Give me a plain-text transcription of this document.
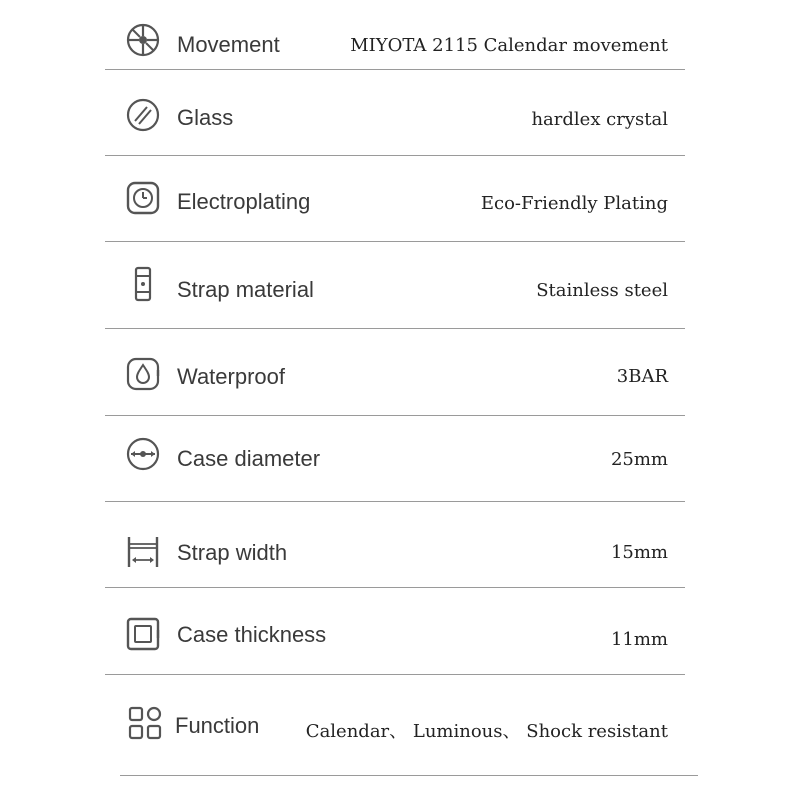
Movement	MIYOTA 2115 Calendar movement
Glass	hardlex crystal
Electroplating	Eco-Friendly Plating
Strap material	Stainless steel
Waterproof	3BAR
Case diameter	25mm
Strap width	15mm
Case thickness	11mm
Function	Calendar、 Luminous、 Shock resistant
